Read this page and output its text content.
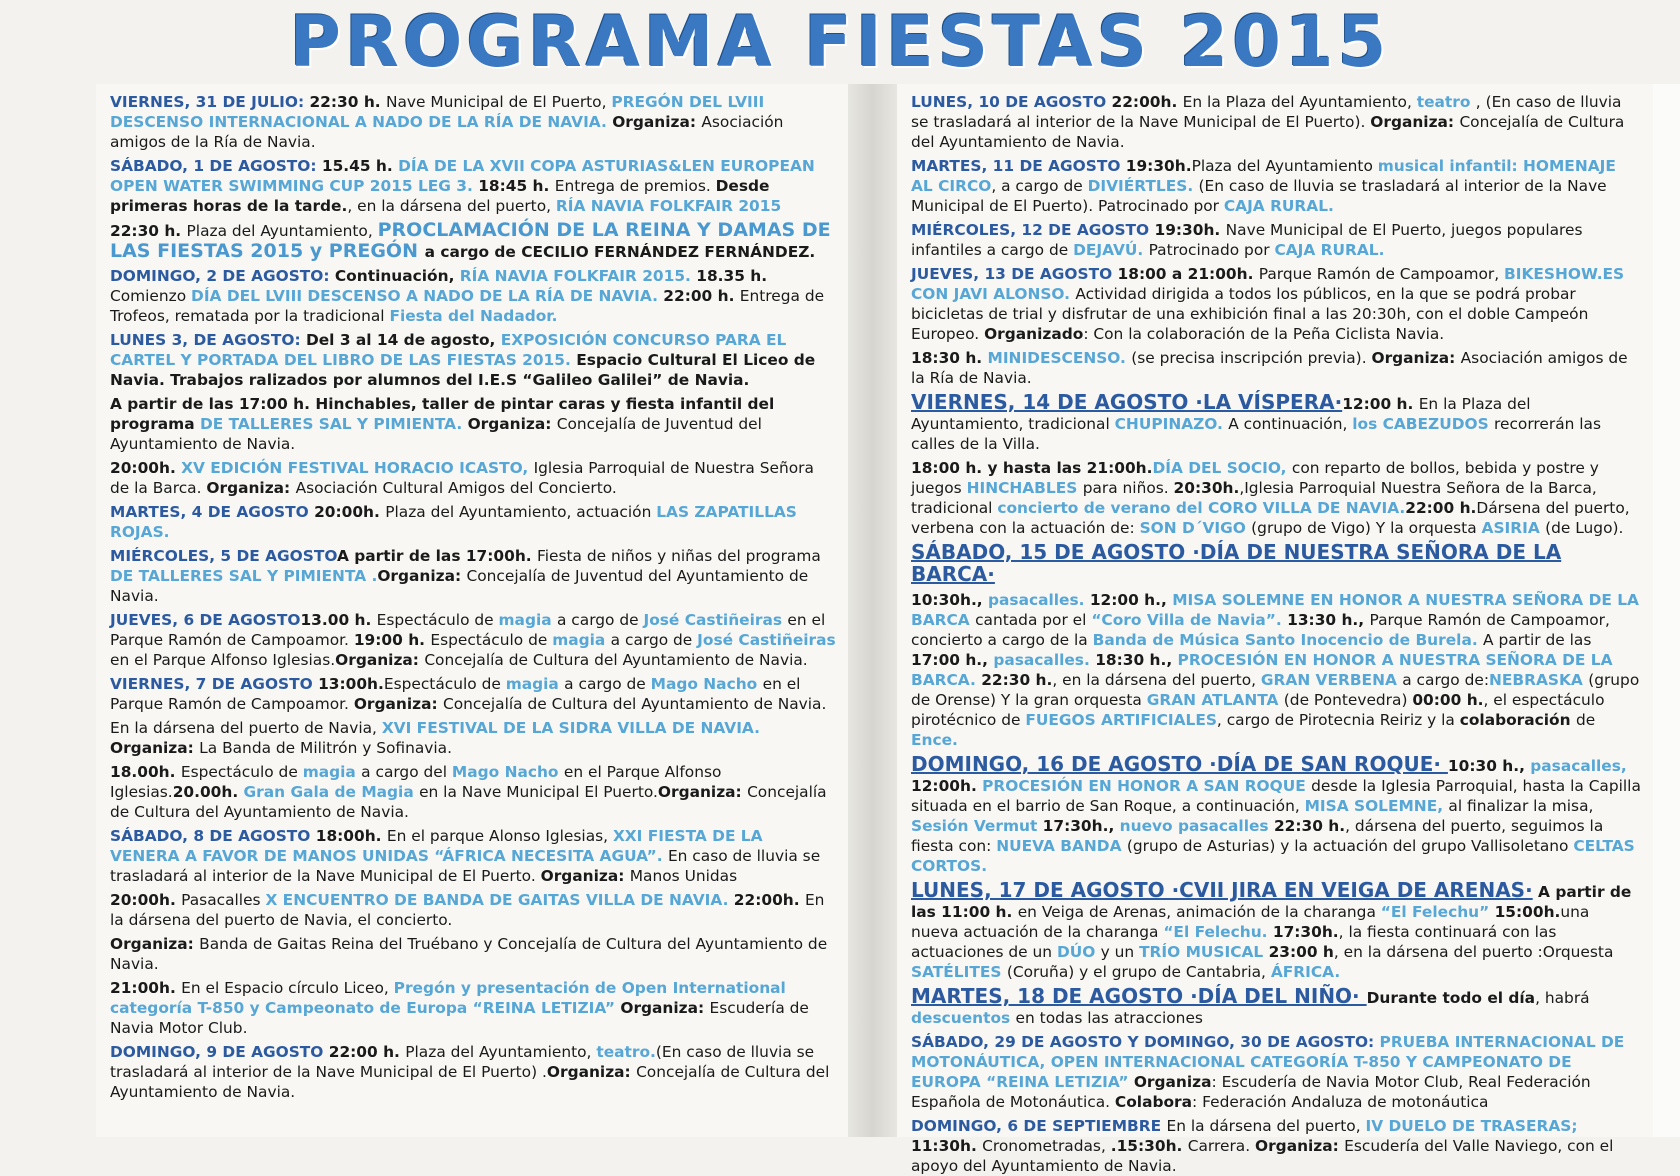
PROGRAMA FIESTAS 2015

VIERNES, 31 DE JULIO: 22:30 h. Nave Municipal de El Puerto, PREGÓN DEL LVIII DESCENSO INTERNACIONAL A NADO DE LA RÍA DE NAVIA. Organiza: Asociación amigos de la Ría de Navia.

SÁBADO, 1 DE AGOSTO: 15.45 h. DÍA DE LA XVII COPA ASTURIAS&LEN EUROPEAN OPEN WATER SWIMMING CUP 2015 LEG 3. 18:45 h. Entrega de premios. Desde primeras horas de la tarde., en la dársena del puerto, RÍA NAVIA FOLKFAIR 2015

22:30 h. Plaza del Ayuntamiento, PROCLAMACIÓN DE LA REINA Y DAMAS DE LAS FIESTAS 2015 y PREGÓN a cargo de CECILIO FERNÁNDEZ FERNÁNDEZ.

DOMINGO, 2 DE AGOSTO: Continuación, RÍA NAVIA FOLKFAIR 2015. 18.35 h. Comienzo DÍA DEL LVIII DESCENSO A NADO DE LA RÍA DE NAVIA. 22:00 h. Entrega de Trofeos, rematada por la tradicional Fiesta del Nadador.

LUNES 3, DE AGOSTO: Del 3 al 14 de agosto, EXPOSICIÓN CONCURSO PARA EL CARTEL Y PORTADA DEL LIBRO DE LAS FIESTAS 2015. Espacio Cultural El Liceo de Navia. Trabajos ralizados por alumnos del I.E.S “Galileo Galilei” de Navia.

A partir de las 17:00 h. Hinchables, taller de pintar caras y fiesta infantil del programa DE TALLERES SAL Y PIMIENTA. Organiza: Concejalía de Juventud del Ayuntamiento de Navia.

20:00h. XV EDICIÓN FESTIVAL HORACIO ICASTO, Iglesia Parroquial de Nuestra Señora de la Barca. Organiza: Asociación Cultural Amigos del Concierto.

MARTES, 4 DE AGOSTO 20:00h. Plaza del Ayuntamiento, actuación LAS ZAPATILLAS ROJAS.

MIÉRCOLES, 5 DE AGOSTOA partir de las 17:00h. Fiesta de niños y niñas del programa DE TALLERES SAL Y PIMIENTA .Organiza: Concejalía de Juventud del Ayuntamiento de Navia.

JUEVES, 6 DE AGOSTO13.00 h. Espectáculo de magia a cargo de José Castiñeiras en el Parque Ramón de Campoamor. 19:00 h. Espectáculo de magia a cargo de José Castiñeiras en el Parque Alfonso Iglesias.Organiza: Concejalía de Cultura del Ayuntamiento de Navia.

VIERNES, 7 DE AGOSTO 13:00h.Espectáculo de magia a cargo de Mago Nacho en el Parque Ramón de Campoamor. Organiza: Concejalía de Cultura del Ayuntamiento de Navia.

En la dársena del puerto de Navia, XVI FESTIVAL DE LA SIDRA VILLA DE NAVIA. Organiza: La Banda de Militrón y Sofinavia.

18.00h. Espectáculo de magia a cargo del Mago Nacho en el Parque Alfonso Iglesias.20.00h. Gran Gala de Magia en la Nave Municipal El Puerto.Organiza: Concejalía de Cultura del Ayuntamiento de Navia.

SÁBADO, 8 DE AGOSTO 18:00h. En el parque Alonso Iglesias, XXI FIESTA DE LA VENERA A FAVOR DE MANOS UNIDAS “ÁFRICA NECESITA AGUA”. En caso de lluvia se trasladará al interior de la Nave Municipal de El Puerto. Organiza: Manos Unidas

20:00h. Pasacalles X ENCUENTRO DE BANDA DE GAITAS VILLA DE NAVIA. 22:00h. En la dársena del puerto de Navia, el concierto.

Organiza: Banda de Gaitas Reina del Truébano y Concejalía de Cultura del Ayuntamiento de Navia.

21:00h. En el Espacio círculo Liceo, Pregón y presentación de Open International categoría T-850 y Campeonato de Europa “REINA LETIZIA” Organiza: Escudería de Navia Motor Club.

DOMINGO, 9 DE AGOSTO 22:00 h. Plaza del Ayuntamiento, teatro.(En caso de lluvia se trasladará al interior de la Nave Municipal de El Puerto) .Organiza: Concejalía de Cultura del Ayuntamiento de Navia.

LUNES, 10 DE AGOSTO 22:00h. En la Plaza del Ayuntamiento, teatro , (En caso de lluvia se trasladará al interior de la Nave Municipal de El Puerto). Organiza: Concejalía de Cultura del Ayuntamiento de Navia.

MARTES, 11 DE AGOSTO 19:30h.Plaza del Ayuntamiento musical infantil: HOMENAJE AL CIRCO, a cargo de DIVIÉRTLES. (En caso de lluvia se trasladará al interior de la Nave Municipal de El Puerto). Patrocinado por CAJA RURAL.

MIÉRCOLES, 12 DE AGOSTO 19:30h. Nave Municipal de El Puerto, juegos populares infantiles a cargo de DEJAVÚ. Patrocinado por CAJA RURAL.

JUEVES, 13 DE AGOSTO 18:00 a 21:00h. Parque Ramón de Campoamor, BIKESHOW.ES CON JAVI ALONSO. Actividad dirigida a todos los públicos, en la que se podrá probar bicicletas de trial y disfrutar de una exhibición final a las 20:30h, con el doble Campeón Europeo. Organizado: Con la colaboración de la Peña Ciclista Navia.

18:30 h. MINIDESCENSO. (se precisa inscripción previa). Organiza: Asociación amigos de la Ría de Navia.

VIERNES, 14 DE AGOSTO ·LA VÍSPERA·12:00 h. En la Plaza del Ayuntamiento, tradicional CHUPINAZO. A continuación, los CABEZUDOS recorrerán las calles de la Villa.

18:00 h. y hasta las 21:00h.DÍA DEL SOCIO, con reparto de bollos, bebida y postre y juegos HINCHABLES para niños. 20:30h.,Iglesia Parroquial Nuestra Señora de la Barca, tradicional concierto de verano del CORO VILLA DE NAVIA.22:00 h.Dársena del puerto, verbena con la actuación de: SON D´VIGO (grupo de Vigo) Y la orquesta ASIRIA (de Lugo).

SÁBADO, 15 DE AGOSTO ·DÍA DE NUESTRA SEÑORA DE LA BARCA·

10:30h., pasacalles. 12:00 h., MISA SOLEMNE EN HONOR A NUESTRA SEÑORA DE LA BARCA cantada por el “Coro Villa de Navia”. 13:30 h., Parque Ramón de Campoamor, concierto a cargo de la Banda de Música Santo Inocencio de Burela. A partir de las 17:00 h., pasacalles. 18:30 h., PROCESIÓN EN HONOR A NUESTRA SEÑORA DE LA BARCA. 22:30 h., en la dársena del puerto, GRAN VERBENA a cargo de:NEBRASKA (grupo de Orense) Y la gran orquesta GRAN ATLANTA (de Pontevedra) 00:00 h., el espectáculo pirotécnico de FUEGOS ARTIFICIALES, cargo de Pirotecnia Reiriz y la colaboración de Ence.

DOMINGO, 16 DE AGOSTO ·DÍA DE SAN ROQUE· 10:30 h., pasacalles, 12:00h. PROCESIÓN EN HONOR A SAN ROQUE desde la Iglesia Parroquial, hasta la Capilla situada en el barrio de San Roque, a continuación, MISA SOLEMNE, al finalizar la misa, Sesión Vermut 17:30h., nuevo pasacalles 22:30 h., dársena del puerto, seguimos la fiesta con: NUEVA BANDA (grupo de Asturias) y la actuación del grupo Vallisoletano CELTAS CORTOS.

LUNES, 17 DE AGOSTO ·CVII JIRA EN VEIGA DE ARENAS· A partir de las 11:00 h. en Veiga de Arenas, animación de la charanga “El Felechu” 15:00h.una nueva actuación de la charanga “El Felechu. 17:30h., la fiesta continuará con las actuaciones de un DÚO y un TRÍO MUSICAL 23:00 h, en la dársena del puerto :Orquesta SATÉLITES (Coruña) y el grupo de Cantabria, ÁFRICA.

MARTES, 18 DE AGOSTO ·DÍA DEL NIÑO· Durante todo el día, habrá descuentos en todas las atracciones

SÁBADO, 29 DE AGOSTO Y DOMINGO, 30 DE AGOSTO: PRUEBA INTERNACIONAL DE MOTONÁUTICA, OPEN INTERNACIONAL CATEGORÍA T-850 Y CAMPEONATO DE EUROPA “REINA LETIZIA” Organiza: Escudería de Navia Motor Club, Real Federación Española de Motonáutica. Colabora: Federación Andaluza de motonáutica

DOMINGO, 6 DE SEPTIEMBRE En la dársena del puerto, IV DUELO DE TRASERAS; 11:30h. Cronometradas, .15:30h. Carrera. Organiza: Escudería del Valle Naviego, con el apoyo del Ayuntamiento de Navia.
